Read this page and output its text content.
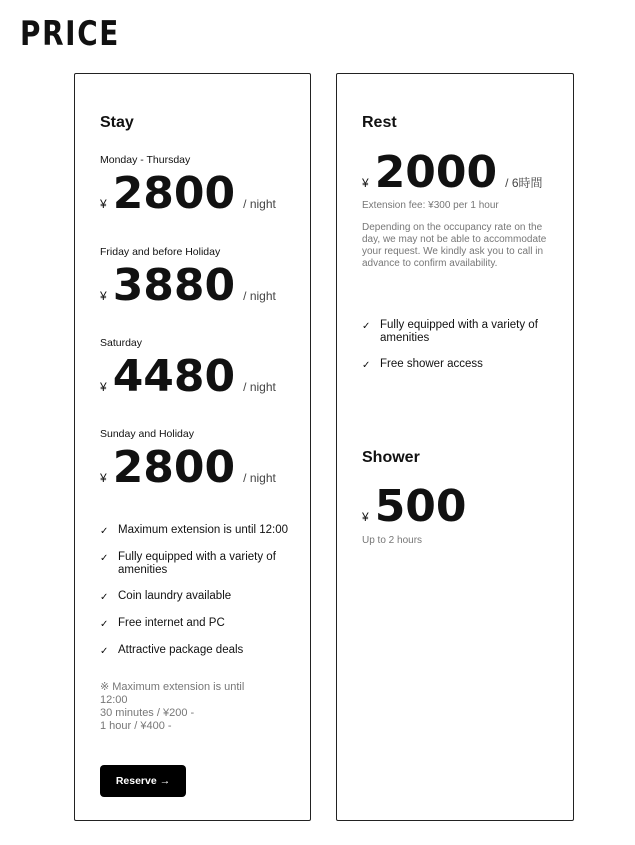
PRICE
Stay
Monday - Thursday
¥ 2800 / night
Friday and before Holiday
¥ 3880 / night
Saturday
¥ 4480 / night
Sunday and Holiday
¥ 2800 / night
✓ Maximum extension is until 12:00
✓ Fully equipped with a variety of amenities
✓ Coin laundry available
✓ Free internet and PC
✓ Attractive package deals
※ Maximum extension is until 12:00
30 minutes / ¥200 -
1 hour / ¥400 -
Reserve →
Rest
¥ 2000 / 6時間
Extension fee: ¥300 per 1 hour
Depending on the occupancy rate on the day, we may not be able to accommodate your request. We kindly ask you to call in advance to confirm availability.
✓ Fully equipped with a variety of amenities
✓ Free shower access
Shower
¥ 500
Up to 2 hours
